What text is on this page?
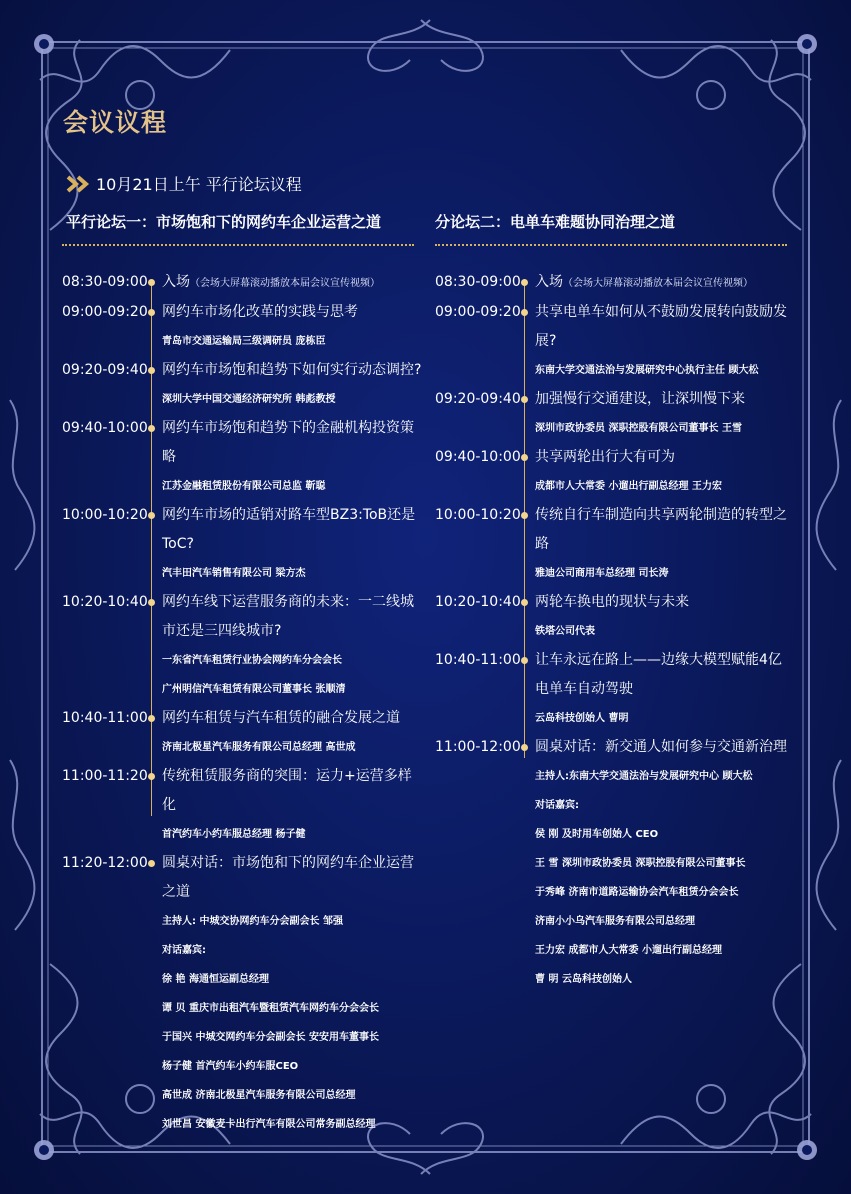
会议议程
10月21日上午 平行论坛议程
平行论坛一：市场饱和下的网约车企业运营之道	分论坛二：电单车难题协同治理之道
08:30-09:00 入场（会场大屏幕滚动播放本届会议宣传视频）
09:00-09:20 网约车市场化改革的实践与思考
青岛市交通运输局三级调研员 庞栋臣
09:20-09:40 网约车市场饱和趋势下如何实行动态调控?
深圳大学中国交通经济研究所 韩彪教授
09:40-10:00 网约车市场饱和趋势下的金融机构投资策略
江苏金融租赁股份有限公司总监 靳聪
10:00-10:20 网约车市场的适销对路车型BZ3:ToB还是ToC?
汽丰田汽车销售有限公司 梁方杰
10:20-10:40 网约车线下运营服务商的未来：一二线城市还是三四线城市?
一东省汽车租赁行业协会网约车分会会长
广州明信汽车租赁有限公司董事长 张顺清
10:40-11:00 网约车租赁与汽车租赁的融合发展之道
济南北极星汽车服务有限公司总经理 高世成
11:00-11:20 传统租赁服务商的突围：运力+运营多样化
首汽约车小约车服总经理 杨子健
11:20-12:00 圆桌对话：市场饱和下的网约车企业运营之道
主持人: 中城交协网约车分会副会长 邹强
对话嘉宾:
徐 艳 海通恒运副总经理
谭 贝 重庆市出租汽车暨租赁汽车网约车分会会长
于国兴 中城交网约车分会副会长 安安用车董事长
杨子健 首汽约车小约车服CEO
高世成 济南北极星汽车服务有限公司总经理
刘世昌 安徽麦卡出行汽车有限公司常务副总经理
08:30-09:00 入场（会场大屏幕滚动播放本届会议宣传视频）
09:00-09:20 共享电单车如何从不鼓励发展转向鼓励发展?
东南大学交通法治与发展研究中心执行主任 顾大松
09:20-09:40 加强慢行交通建设，让深圳慢下来
深圳市政协委员 深职控股有限公司董事长 王雪
09:40-10:00 共享两轮出行大有可为
成都市人大常委 小遛出行副总经理 王力宏
10:00-10:20 传统自行车制造向共享两轮制造的转型之路
雅迪公司商用车总经理 司长涛
10:20-10:40 两轮车换电的现状与未来
铁塔公司代表
10:40-11:00 让车永远在路上——边缘大模型赋能4亿电单车自动驾驶
云岛科技创始人 曹明
11:00-12:00 圆桌对话：新交通人如何参与交通新治理
主持人:东南大学交通法治与发展研究中心 顾大松
对话嘉宾:
侯 刚 及时用车创始人 CEO
王 雪 深圳市政协委员 深职控股有限公司董事长
于秀峰 济南市道路运输协会汽车租赁分会会长
济南小小乌汽车服务有限公司总经理
王力宏 成都市人大常委 小遛出行副总经理
曹 明 云岛科技创始人
